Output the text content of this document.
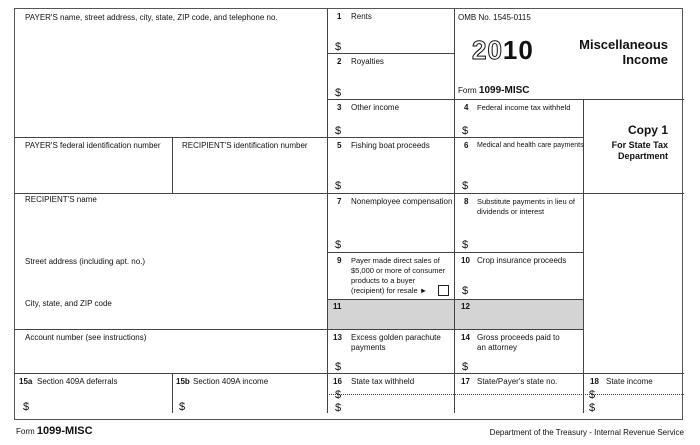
PAYER'S name, street address, city, state, ZIP code, and telephone no.
PAYER'S federal identification number	RECIPIENT'S identification number
RECIPIENT'S name
Street address (including apt. no.)
City, state, and ZIP code
Account number (see instructions)
OMB No. 1545-0115
2010
Form 1099-MISC
Miscellaneous
Income
Copy 1
For State Tax
Department
1 Rents
$
2 Royalties
$
3 Other income
$
4 Federal income tax withheld
$
5 Fishing boat proceeds
$
6 Medical and health care payments
$
7 Nonemployee compensation
$
8 Substitute payments in lieu of
dividends or interest
$
9 Payer made direct sales of
$5,000 or more of consumer
products to a buyer
(recipient) for resale ►
10 Crop insurance proceeds
$
11	12
13 Excess golden parachute
payments
$
14 Gross proceeds paid to
an attorney
$
15a Section 409A deferrals
$
15b Section 409A income
$
16 State tax withheld
$
$
17 State/Payer's state no.	18 State income
$
$
Form 1099-MISC	Department of the Treasury - Internal Revenue Service
